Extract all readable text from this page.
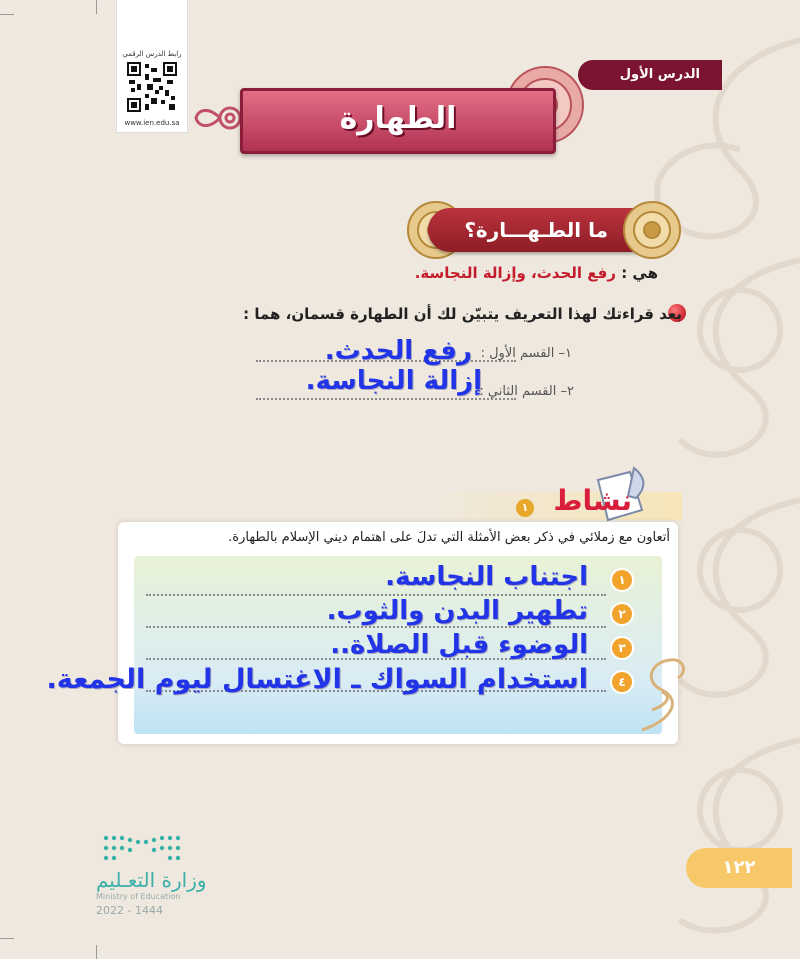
رابط الدرس الرقمي
www.ien.edu.sa
الدرس الأول
الطهارة
ما الطـهـــارة؟
هي : رفع الحدث، وإزالة النجاسة.
بعد قراءتك لهذا التعريف يتبيّن لك أن الطهارة قسمان، هما :
١– القسم الأول :
رفع الحدث.
٢– القسم الثاني :
إزالة النجاسة.
نشاط
١
أتعاون مع زملائي في ذكر بعض الأمثلة التي تدلَ على اهتمام ديني الإسلام بالطهارة.
١
اجتناب النجاسة.
٢
تطهير البدن والثوب.
٣
الوضوء قبل الصلاة..
٤
استخدام السواك ـ الاغتسال ليوم الجمعة.
١٢٢
وزارة التعـليم
Ministry of Education
2022 - 1444
